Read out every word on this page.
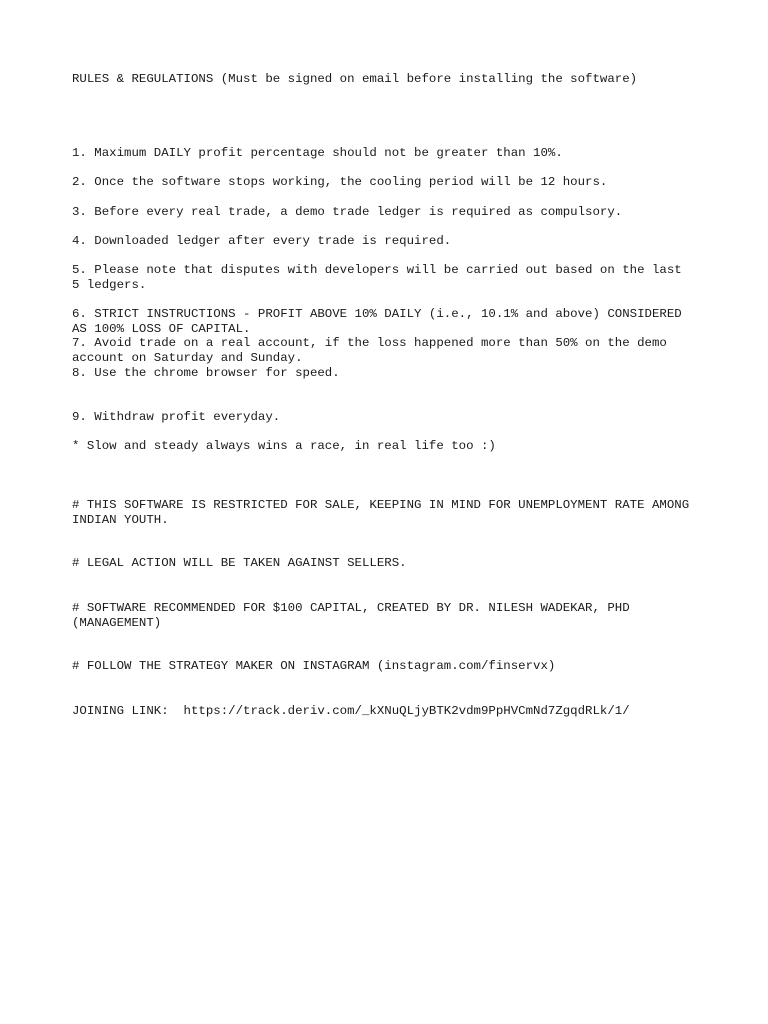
RULES & REGULATIONS (Must be signed on email before installing the software)

1. Maximum DAILY profit percentage should not be greater than 10%.

2. Once the software stops working, the cooling period will be 12 hours.

3. Before every real trade, a demo trade ledger is required as compulsory.

4. Downloaded ledger after every trade is required.

5. Please note that disputes with developers will be carried out based on the last
5 ledgers.

6. STRICT INSTRUCTIONS - PROFIT ABOVE 10% DAILY (i.e., 10.1% and above) CONSIDERED
AS 100% LOSS OF CAPITAL.

7. Avoid trade on a real account, if the loss happened more than 50% on the demo
account on Saturday and Sunday.

8. Use the chrome browser for speed.

9. Withdraw profit everyday.

* Slow and steady always wins a race, in real life too :)

# THIS SOFTWARE IS RESTRICTED FOR SALE, KEEPING IN MIND FOR UNEMPLOYMENT RATE AMONG
INDIAN YOUTH.

# LEGAL ACTION WILL BE TAKEN AGAINST SELLERS.

# SOFTWARE RECOMMENDED FOR $100 CAPITAL, CREATED BY DR. NILESH WADEKAR, PHD
(MANAGEMENT)

# FOLLOW THE STRATEGY MAKER ON INSTAGRAM (instagram.com/finservx)

JOINING LINK:  https://track.deriv.com/_kXNuQLjyBTK2vdm9PpHVCmNd7ZgqdRLk/1/
